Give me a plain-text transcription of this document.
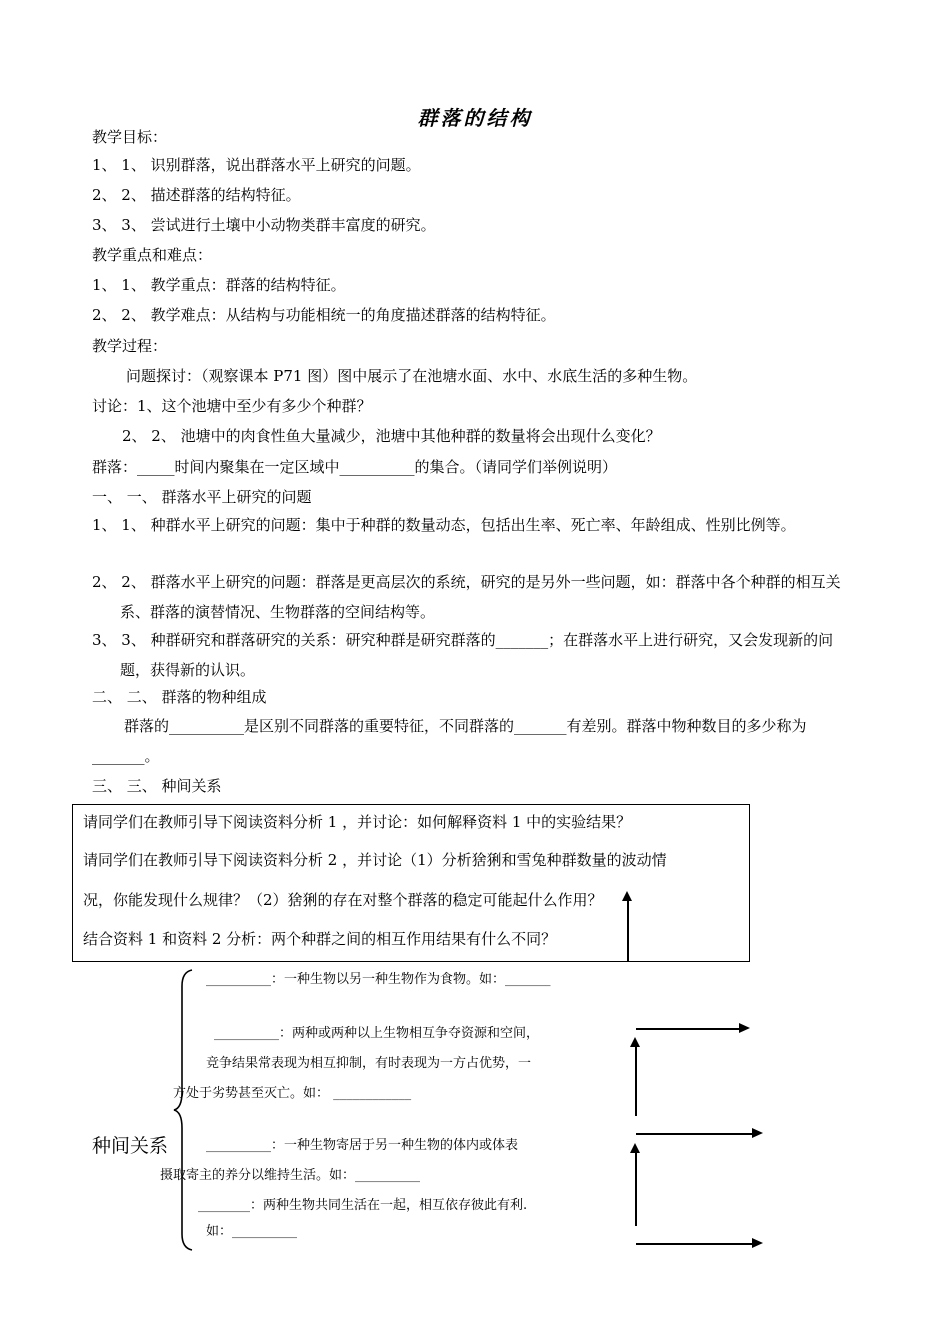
群落的结构
教学目标：
1、 1、 识别群落，说出群落水平上研究的问题。
2、 2、 描述群落的结构特征。
3、 3、 尝试进行土壤中小动物类群丰富度的研究。
教学重点和难点：
1、 1、 教学重点：群落的结构特征。
2、 2、 教学难点：从结构与功能相统一的角度描述群落的结构特征。
教学过程：
问题探讨：（观察课本 P71 图）图中展示了在池塘水面、水中、水底生活的多种生物。
讨论：1、这个池塘中至少有多少个种群？
2、 2、 池塘中的肉食性鱼大量减少，池塘中其他种群的数量将会出现什么变化？
群落：_____时间内聚集在一定区域中__________的集合。（请同学们举例说明）
一、 一、 群落水平上研究的问题
1、 1、 种群水平上研究的问题：集中于种群的数量动态，包括出生率、死亡率、年龄组成、性别比例等。
2、 2、 群落水平上研究的问题：群落是更高层次的系统，研究的是另外一些问题，如：群落中各个种群的相互关系、群落的演替情况、生物群落的空间结构等。
3、 3、 种群研究和群落研究的关系：研究种群是研究群落的_______；在群落水平上进行研究，又会发现新的问题，获得新的认识。
二、 二、 群落的物种组成
群落的__________是区别不同群落的重要特征，不同群落的_______有差别。群落中物种数目的多少称为_______。
三、 三、 种间关系
请同学们在教师引导下阅读资料分析 1 ，并讨论：如何解释资料 1 中的实验结果？
请同学们在教师引导下阅读资料分析 2 ，并讨论（1）分析猞猁和雪兔种群数量的波动情
况，你能发现什么规律？（2）猞猁的存在对整个群落的稳定可能起什么作用？
结合资料 1 和资料 2 分析：两个种群之间的相互作用结果有什么不同？
种间关系
__________：一种生物以另一种生物作为食物。如：_______
__________：两种或两种以上生物相互争夺资源和空间，
竞争结果常表现为相互抑制，有时表现为一方占优势，一
方处于劣势甚至灭亡。如： ____________
__________：一种生物寄居于另一种生物的体内或体表
摄取寄主的养分以维持生活。如：__________
________：两种生物共同生活在一起，相互依存彼此有利.
如：__________
